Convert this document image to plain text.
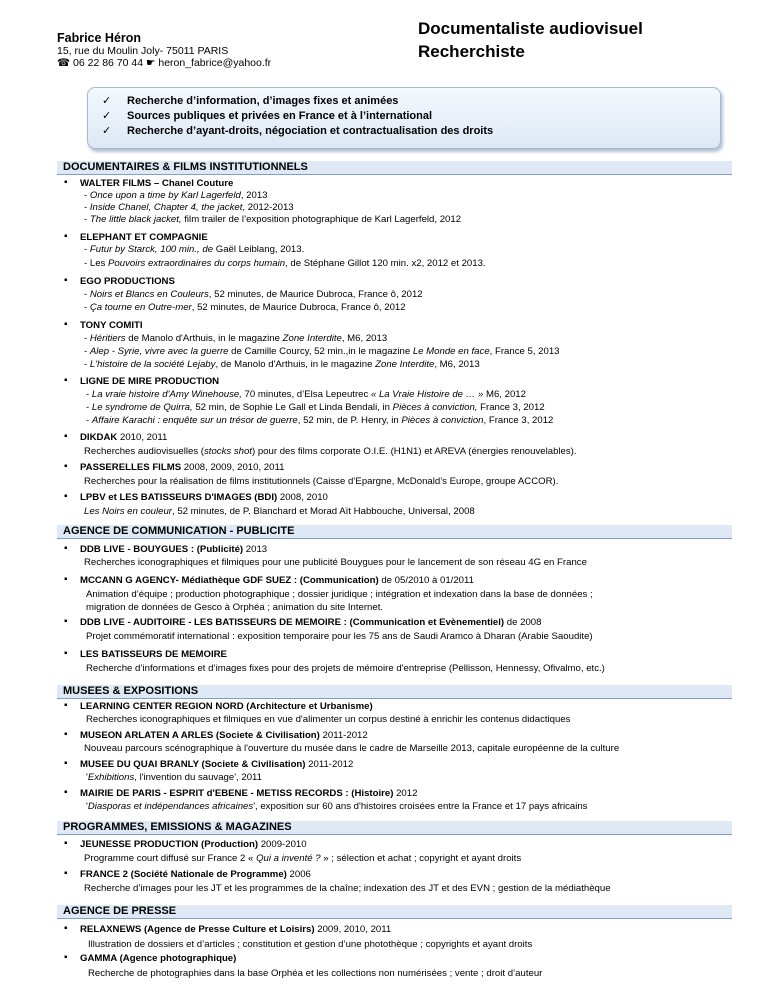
Fabrice Héron
15, rue du Moulin Joly- 75011 PARIS
☎ 06 22 86 70 44 ☛ heron_fabrice@yahoo.fr
Documentaliste audiovisuel
Recherchiste
✓ Recherche d’information, d’images fixes et animées
✓ Sources publiques et privées en France et à l’international
✓ Recherche d’ayant-droits, négociation et contractualisation des droits
DOCUMENTAIRES & FILMS INSTITUTIONNELS
AGENCE DE COMMUNICATION - PUBLICITE
MUSEES & EXPOSITIONS
PROGRAMMES, EMISSIONS & MAGAZINES
AGENCE DE PRESSE
▪ WALTER FILMS – Chanel Couture
- Once upon a time by Karl Lagerfeld, 2013
- Inside Chanel, Chapter 4, the jacket, 2012-2013
- The little black jacket, film trailer de l’exposition photographique de Karl Lagerfeld, 2012
▪ ELEPHANT ET COMPAGNIE
- Futur by Starck, 100 min., de Gaël Leiblang, 2013.
- Les Pouvoirs extraordinaires du corps humain, de Stéphane Gillot 120 min. x2, 2012 et 2013.
▪ EGO PRODUCTIONS
- Noirs et Blancs en Couleurs, 52 minutes, de Maurice Dubroca, France ô, 2012
- Ça tourne en Outre-mer, 52 minutes, de Maurice Dubroca, France ô, 2012
▪ TONY COMITI
- Héritiers de Manolo d'Arthuis, in le magazine Zone Interdite, M6, 2013
- Alep - Syrie, vivre avec la guerre de Camille Courcy, 52 min.,in le magazine Le Monde en face, France 5, 2013
- L'histoire de la société Lejaby, de Manolo d'Arthuis, in le magazine Zone Interdite, M6, 2013
▪ LIGNE DE MIRE PRODUCTION
- La vraie histoire d'Amy Winehouse, 70 minutes, d’Elsa Lepeutrec « La Vraie Histoire de … » M6, 2012
- Le syndrome de Quirra, 52 min, de Sophie Le Gall et Linda Bendali, in Pièces à conviction, France 3, 2012
- Affaire Karachi : enquête sur un trésor de guerre, 52 min, de P. Henry, in Pièces à conviction, France 3, 2012
▪ DIKDAK 2010, 2011
Recherches audiovisuelles (stocks shot) pour des films corporate O.I.E. (H1N1) et AREVA (énergies renouvelables).
▪ PASSERELLES FILMS 2008, 2009, 2010, 2011
Recherches pour la réalisation de films institutionnels (Caisse d’Epargne, McDonald’s Europe, groupe ACCOR).
▪ LPBV et LES BATISSEURS D'IMAGES (BDI) 2008, 2010
Les Noirs en couleur, 52 minutes, de P. Blanchard et Morad Aït Habbouche, Universal, 2008
▪ DDB LIVE - BOUYGUES : (Publicité) 2013
Recherches iconographiques et filmiques pour une publicité Bouygues pour le lancement de son réseau 4G en France
▪ MCCANN G AGENCY- Médiathèque GDF SUEZ : (Communication) de 05/2010 à 01/2011
Animation d’équipe ; production photographique ; dossier juridique ; intégration et indexation dans la base de données ;
migration de données de Gesco à Orphéa ; animation du site Internet.
▪ DDB LIVE - AUDITOIRE - LES BATISSEURS DE MEMOIRE : (Communication et Evènementiel) de 2008
Projet commémoratif international : exposition temporaire pour les 75 ans de Saudi Aramco à Dharan (Arabie Saoudite)
▪ LES BATISSEURS DE MEMOIRE
Recherche d’informations et d’images fixes pour des projets de mémoire d'entreprise (Pellisson, Hennessy, Ofivalmo, etc.)
▪ LEARNING CENTER REGION NORD (Architecture et Urbanisme)
Recherches iconographiques et filmiques en vue d'alimenter un corpus destiné à enrichir les contenus didactiques
▪ MUSEON ARLATEN A ARLES (Societe & Civilisation) 2011-2012
Nouveau parcours scénographique à l'ouverture du musée dans le cadre de Marseille 2013, capitale européenne de la culture
▪ MUSEE DU QUAI BRANLY (Societe & Civilisation) 2011-2012
'Exhibitions, l'invention du sauvage', 2011
▪ MAIRIE DE PARIS - ESPRIT d'EBENE - METISS RECORDS : (Histoire) 2012
'Diasporas et indépendances africaines', exposition sur 60 ans d'histoires croisées entre la France et 17 pays africains
▪ JEUNESSE PRODUCTION (Production) 2009-2010
Programme court diffusé sur France 2 « Qui a inventé ? » ; sélection et achat ; copyright et ayant droits
▪ FRANCE 2 (Société Nationale de Programme) 2006
Recherche d’images pour les JT et les programmes de la chaîne; indexation des JT et des EVN ; gestion de la médiathèque
▪ RELAXNEWS (Agence de Presse Culture et Loisirs) 2009, 2010, 2011
Illustration de dossiers et d’articles ; constitution et gestion d’une photothèque ; copyrights et ayant droits
▪ GAMMA (Agence photographique)
Recherche de photographies dans la base Orphéa et les collections non numérisées ; vente ; droit d’auteur
